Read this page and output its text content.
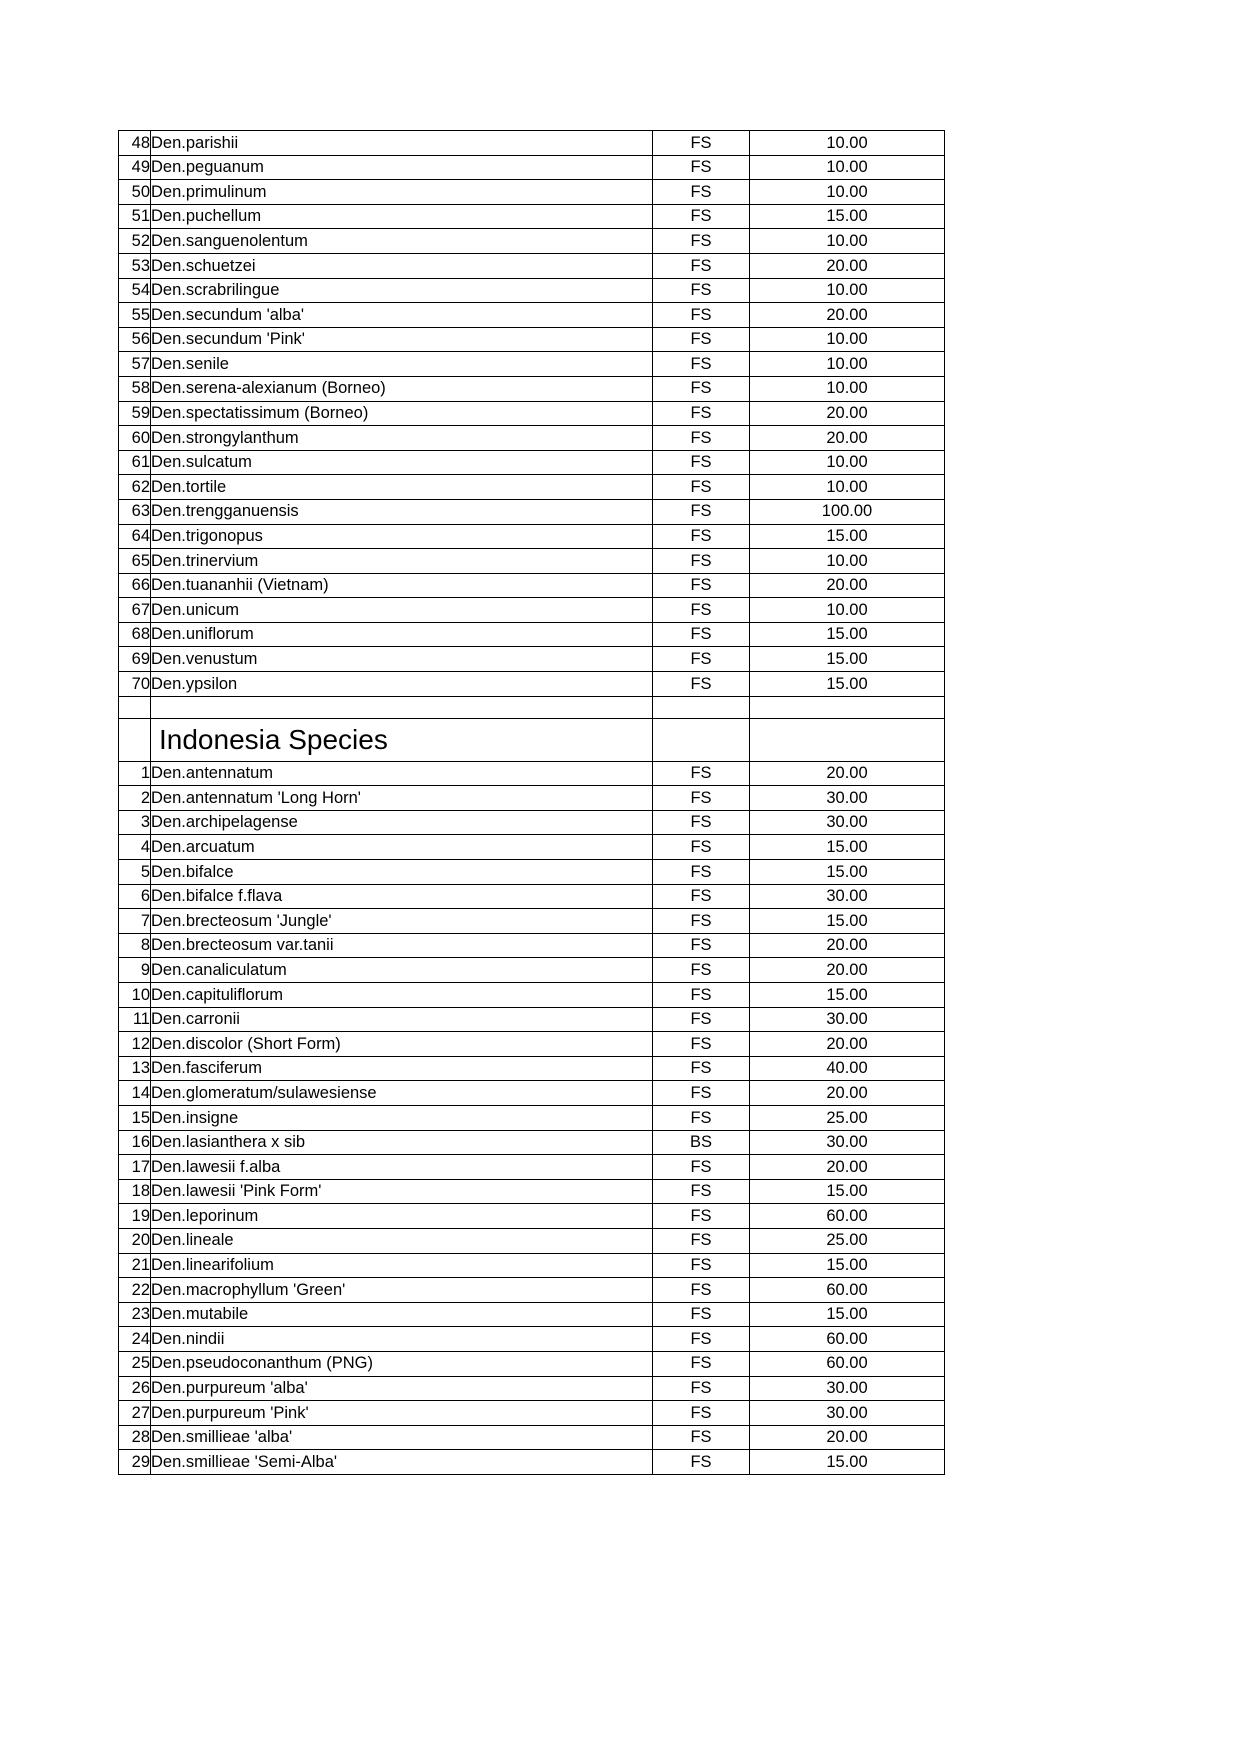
48	Den.parishii	FS	10.00
49	Den.peguanum	FS	10.00
50	Den.primulinum	FS	10.00
51	Den.puchellum	FS	15.00
52	Den.sanguenolentum	FS	10.00
53	Den.schuetzei	FS	20.00
54	Den.scrabrilingue	FS	10.00
55	Den.secundum 'alba'	FS	20.00
56	Den.secundum 'Pink'	FS	10.00
57	Den.senile	FS	10.00
58	Den.serena-alexianum (Borneo)	FS	10.00
59	Den.spectatissimum (Borneo)	FS	20.00
60	Den.strongylanthum	FS	20.00
61	Den.sulcatum	FS	10.00
62	Den.tortile	FS	10.00
63	Den.trengganuensis	FS	100.00
64	Den.trigonopus	FS	15.00
65	Den.trinervium	FS	10.00
66	Den.tuananhii (Vietnam)	FS	20.00
67	Den.unicum	FS	10.00
68	Den.uniflorum	FS	15.00
69	Den.venustum	FS	15.00
70	Den.ypsilon	FS	15.00

	Indonesia Species		
1	Den.antennatum	FS	20.00
2	Den.antennatum 'Long Horn'	FS	30.00
3	Den.archipelagense	FS	30.00
4	Den.arcuatum	FS	15.00
5	Den.bifalce	FS	15.00
6	Den.bifalce f.flava	FS	30.00
7	Den.brecteosum 'Jungle'	FS	15.00
8	Den.brecteosum var.tanii	FS	20.00
9	Den.canaliculatum	FS	20.00
10	Den.capituliflorum	FS	15.00
11	Den.carronii	FS	30.00
12	Den.discolor (Short Form)	FS	20.00
13	Den.fasciferum	FS	40.00
14	Den.glomeratum/sulawesiense	FS	20.00
15	Den.insigne	FS	25.00
16	Den.lasianthera x sib	BS	30.00
17	Den.lawesii f.alba	FS	20.00
18	Den.lawesii 'Pink Form'	FS	15.00
19	Den.leporinum	FS	60.00
20	Den.lineale	FS	25.00
21	Den.linearifolium	FS	15.00
22	Den.macrophyllum 'Green'	FS	60.00
23	Den.mutabile	FS	15.00
24	Den.nindii	FS	60.00
25	Den.pseudoconanthum (PNG)	FS	60.00
26	Den.purpureum 'alba'	FS	30.00
27	Den.purpureum 'Pink'	FS	30.00
28	Den.smillieae 'alba'	FS	20.00
29	Den.smillieae 'Semi-Alba'	FS	15.00
